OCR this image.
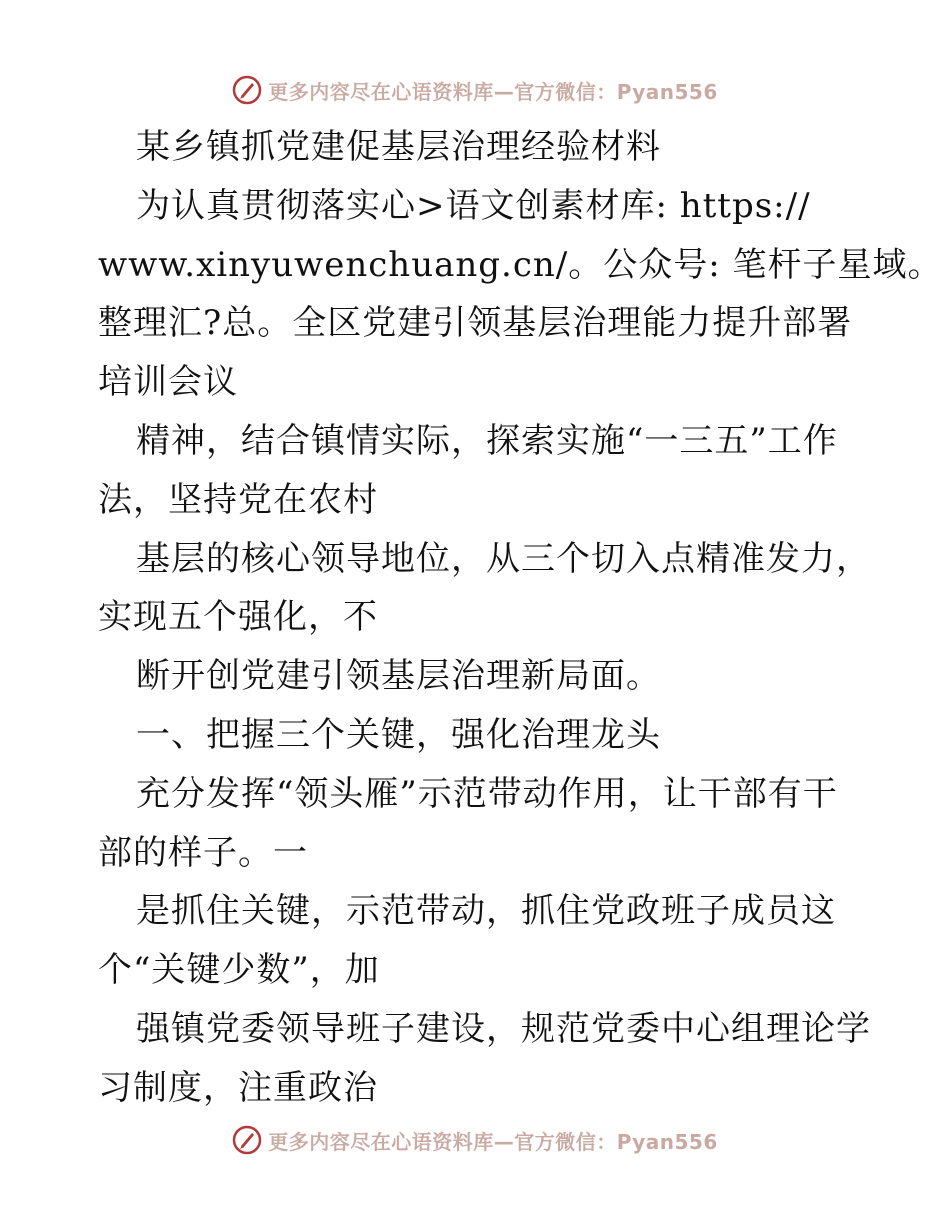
更多内容尽在心语资料库—官方微信：Pyan556
某乡镇抓党建促基层治理经验材料
为认真贯彻落实心>语文创素材库: https://
www.xinyuwenchuang.cn/。公众号: 笔杆子星域。
整理汇?总。全区党建引领基层治理能力提升部署
培训会议
精神，结合镇情实际，探索实施“一三五”工作
法，坚持党在农村
基层的核心领导地位，从三个切入点精准发力，
实现五个强化，不
断开创党建引领基层治理新局面。
一、把握三个关键，强化治理龙头
充分发挥“领头雁”示范带动作用，让干部有干
部的样子。一
是抓住关键，示范带动，抓住党政班子成员这
个“关键少数”，加
强镇党委领导班子建设，规范党委中心组理论学
习制度，注重政治
更多内容尽在心语资料库—官方微信：Pyan556
